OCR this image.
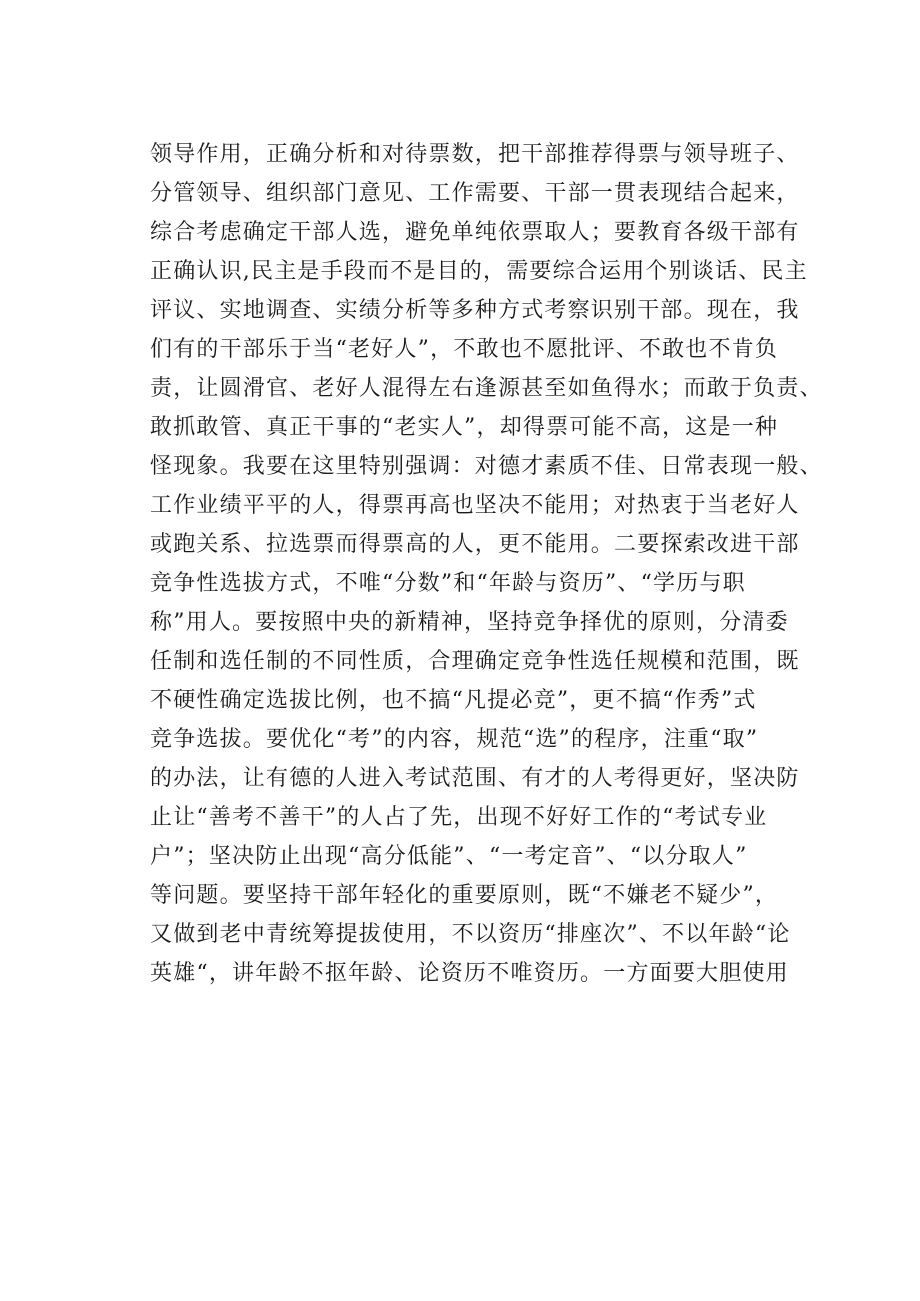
领导作用，正确分析和对待票数，把干部推荐得票与领导班子、
分管领导、组织部门意见、工作需要、干部一贯表现结合起来，
综合考虑确定干部人选，避免单纯依票取人；要教育各级干部有
正确认识,民主是手段而不是目的，需要综合运用个别谈话、民主
评议、实地调查、实绩分析等多种方式考察识别干部。现在，我
们有的干部乐于当“老好人”，不敢也不愿批评、不敢也不肯负
责，让圆滑官、老好人混得左右逢源甚至如鱼得水；而敢于负责、
敢抓敢管、真正干事的“老实人”，却得票可能不高，这是一种
怪现象。我要在这里特别强调：对德才素质不佳、日常表现一般、
工作业绩平平的人，得票再高也坚决不能用；对热衷于当老好人
或跑关系、拉选票而得票高的人，更不能用。二要探索改进干部
竞争性选拔方式，不唯“分数”和“年龄与资历”、“学历与职
称”用人。要按照中央的新精神，坚持竞争择优的原则，分清委
任制和选任制的不同性质，合理确定竞争性选任规模和范围，既
不硬性确定选拔比例，也不搞“凡提必竞”，更不搞“作秀”式
竞争选拔。要优化“考”的内容，规范“选”的程序，注重“取”
的办法，让有德的人进入考试范围、有才的人考得更好，坚决防
止让“善考不善干”的人占了先，出现不好好工作的“考试专业
户”；坚决防止出现“高分低能”、“一考定音”、“以分取人”
等问题。要坚持干部年轻化的重要原则，既“不嫌老不疑少”，
又做到老中青统筹提拔使用，不以资历“排座次”、不以年龄“论
英雄“，讲年龄不抠年龄、论资历不唯资历。一方面要大胆使用
